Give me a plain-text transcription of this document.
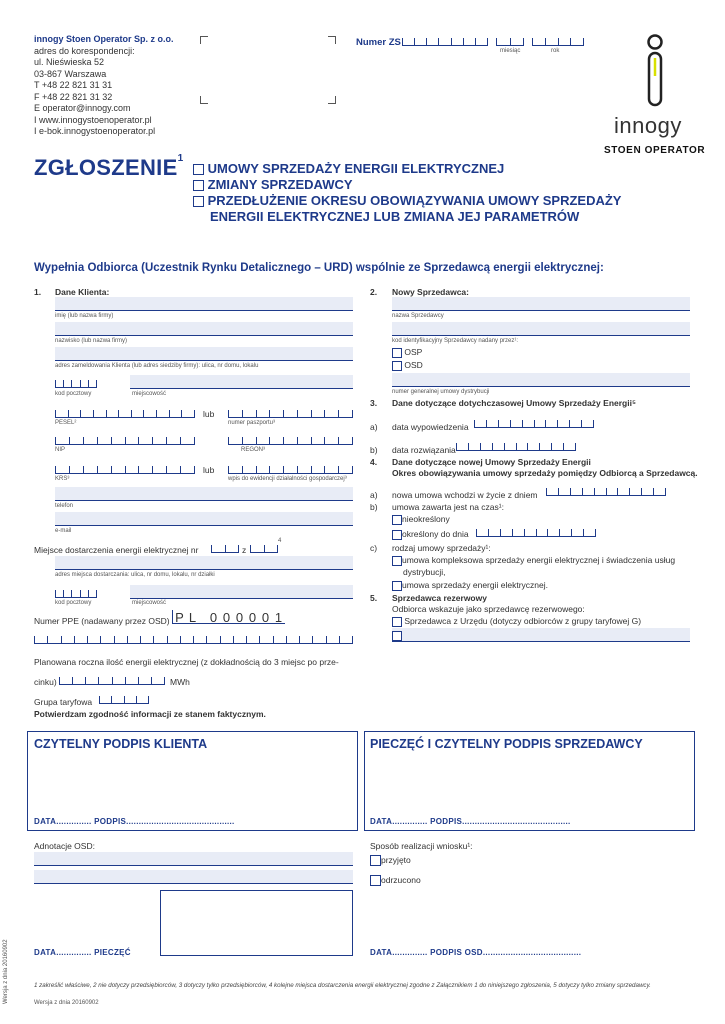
innogy Stoen Operator Sp. z o.o.
adres do korespondencji:
ul. Nieświeska 52
03-867 Warszawa
T +48 22 821 31 31
F +48 22 821 31 32
E operator@innogy.com
I www.innogystoenoperator.pl
I e-bok.innogystoenoperator.pl
Numer ZS
miesiąc	rok
innogy
STOEN OPERATOR
ZGŁOSZENIE$^1$
UMOWY SPRZEDAŻY ENERGII ELEKTRYCZNEJ
ZMIANY SPRZEDAWCY
PRZEDŁUŻENIE OKRESU OBOWIĄZYWANIA UMOWY SPRZEDAŻY
ENERGII ELEKTRYCZNEJ LUB ZMIANA JEJ PARAMETRÓW
Wypełnia Odbiorca (Uczestnik Rynku Detalicznego – URD) wspólnie ze Sprzedawcą energii elektrycznej:
1. Dane Klienta:
imię (lub nazwa firmy)
nazwisko (lub nazwa firmy)
adres zameldowania Klienta (lub adres siedziby firmy): ulica, nr domu, lokalu
kod pocztowy	miejscowość
lub
PESEL²	numer paszportu³
NIP	REGON³
lub
KRS³	wpis do ewidencji działalności gospodarczej³
telefon
e-mail
Miejsce dostarczenia energii elektrycznej nr	z
4
adres miejsca dostarczania: ulica, nr domu, lokalu, nr działki
kod pocztowy	miejscowość
Numer PPE (nadawany przez OSD) P L 0 0 0 0 0 1
Planowana roczna ilość energii elektrycznej (z dokładnością do 3 miejsc po prze-
cinku)	MWh
Grupa taryfowa
Potwierdzam zgodność informacji ze stanem faktycznym.
2. Nowy Sprzedawca:
nazwa Sprzedawcy
kod identyfikacyjny Sprzedawcy nadany przez¹:
OSP
OSD
numer generalnej umowy dystrybucji
3. Dane dotyczące dotychczasowej Umowy Sprzedaży Energii⁵
a) data wypowiedzenia
b) data rozwiązania
4. Dane dotyczące nowej Umowy Sprzedaży Energii
Okres obowiązywania umowy sprzedaży pomiędzy Odbiorcą a Sprzedawcą.
a) nowa umowa wchodzi w życie z dniem
b) umowa zawarta jest na czas¹:
nieokreślony
określony do dnia
c) rodzaj umowy sprzedaży¹:
umowa kompleksowa sprzedaży energii elektrycznej i świadczenia usług
dystrybucji,
umowa sprzedaży energii elektrycznej.
5. Sprzedawca rezerwowy
Odbiorca wskazuje jako sprzedawcę rezerwowego:
Sprzedawca z Urzędu (dotyczy odbiorców z grupy taryfowej G)
CZYTELNY PODPIS KLIENTA
DATA.............. PODPIS...........................................
PIECZĘĆ I CZYTELNY PODPIS SPRZEDAWCY
DATA.............. PODPIS...........................................
Adnotacje OSD:
DATA.............. PIECZĘĆ
Sposób realizacji wniosku¹:
przyjęto
odrzucono
DATA.............. PODPIS OSD.......................................
1 zakreślić właściwe, 2 nie dotyczy przedsiębiorców, 3 dotyczy tylko przedsiębiorców, 4 kolejne miejsca dostarczenia energii elektrycznej zgodne z Załącznikiem 1 do niniejszego zgłoszenia, 5 dotyczy tylko zmiany sprzedawcy.
Wersja z dnia 20160902
Wersja z dnia 20160902
